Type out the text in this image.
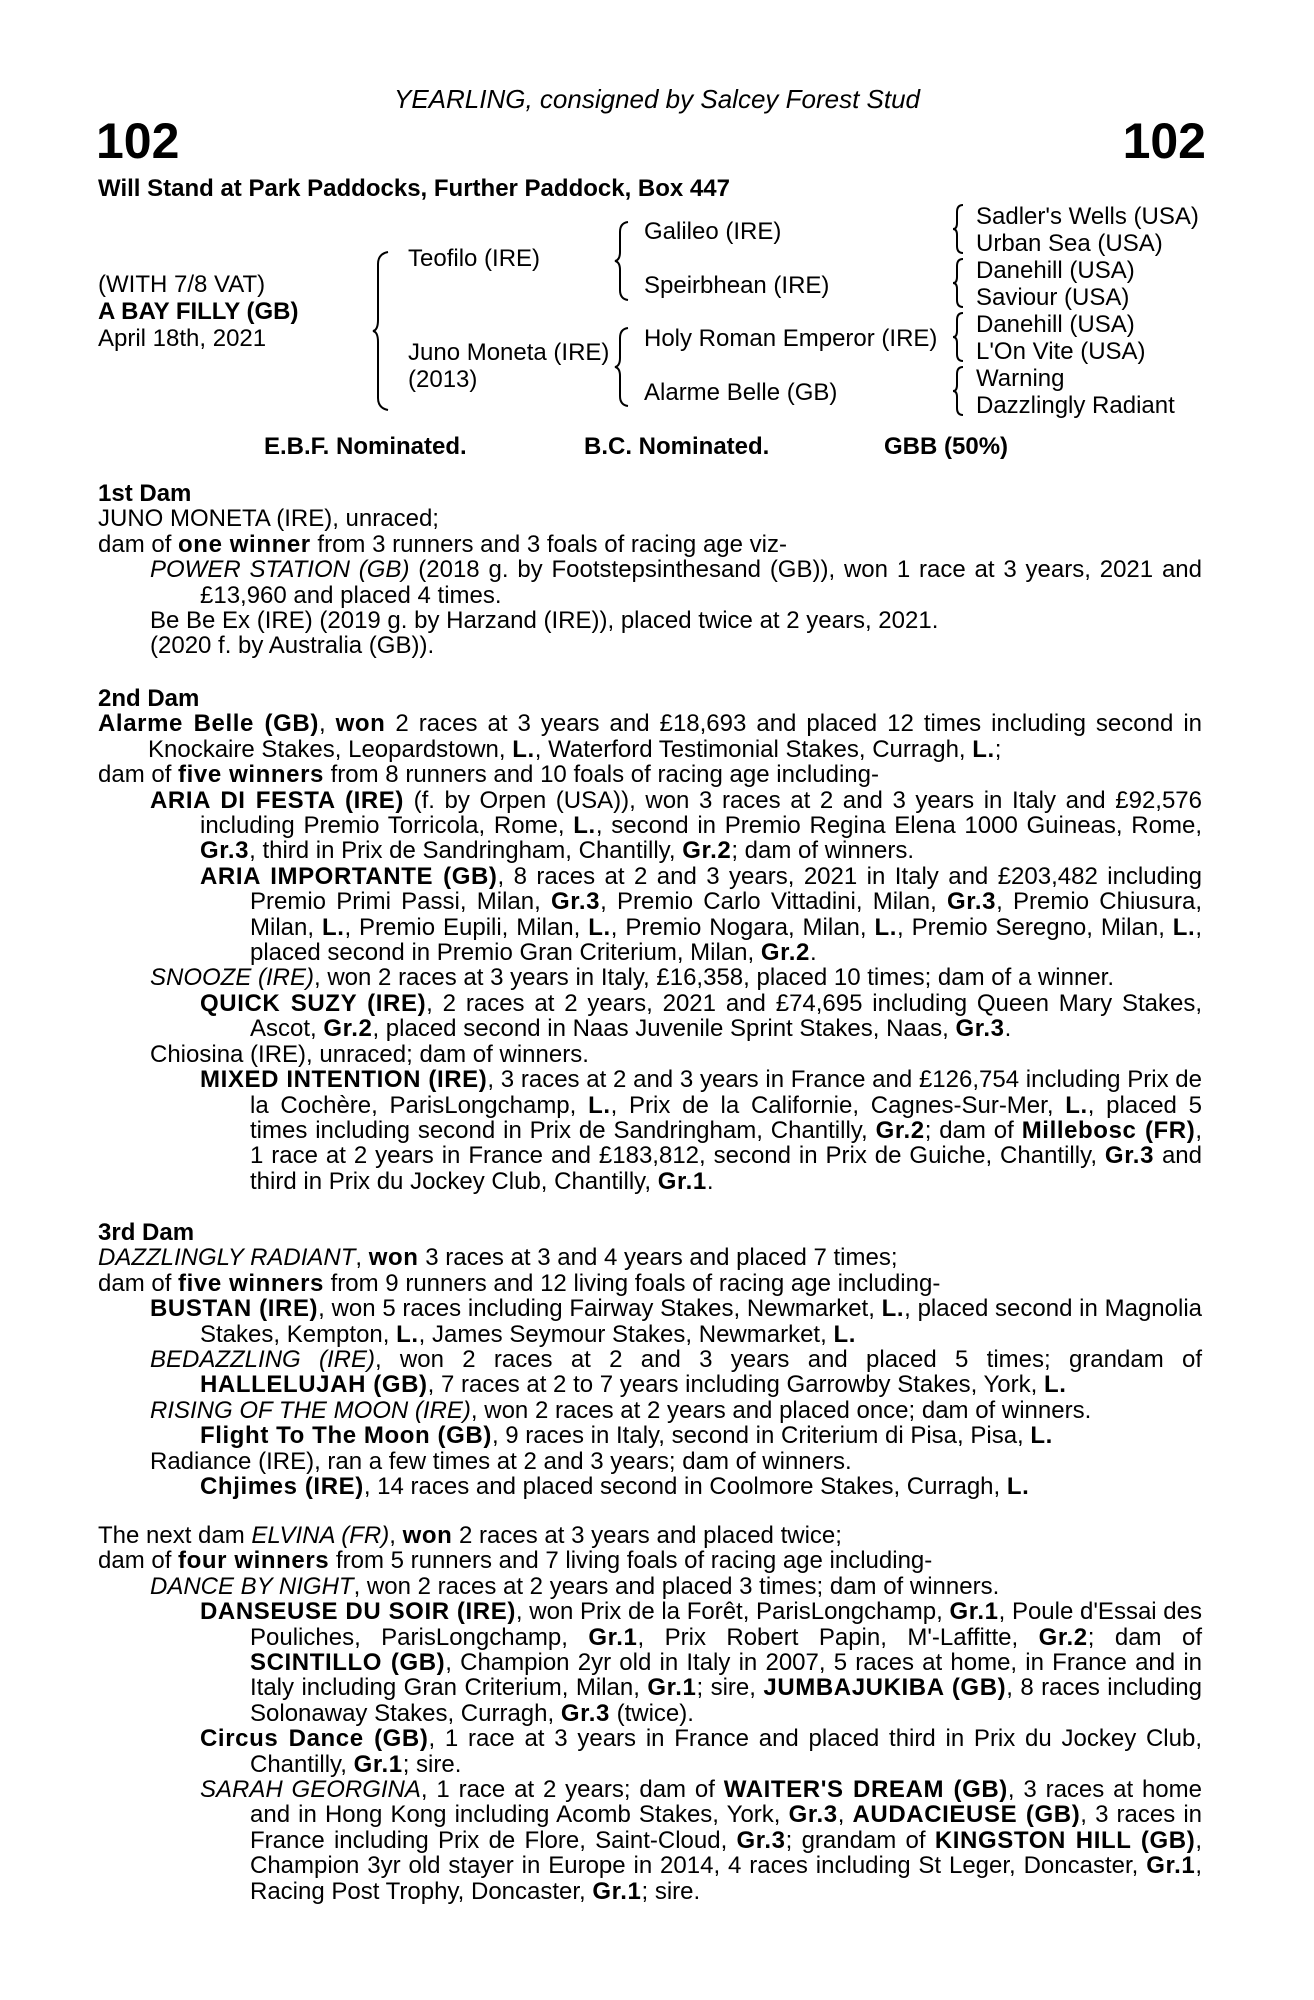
YEARLING, consigned by Salcey Forest Stud
102	102
Will Stand at Park Paddocks, Further Paddock, Box 447
(WITH 7/8 VAT)
A BAY FILLY (GB)
April 18th, 2021
Teofilo (IRE)
Juno Moneta (IRE)
(2013)
Galileo (IRE)
Speirbhean (IRE)
Holy Roman Emperor (IRE)
Alarme Belle (GB)
Sadler's Wells (USA)
Urban Sea (USA)
Danehill (USA)
Saviour (USA)
Danehill (USA)
L'On Vite (USA)
Warning
Dazzlingly Radiant
E.B.F. Nominated.	B.C. Nominated.	GBB (50%)

1st Dam

JUNO MONETA (IRE), unraced;

dam of one winner from 3 runners and 3 foals of racing age viz-

POWER STATION (GB) (2018 g. by Footstepsinthesand (GB)), won 1 race at 3 years, 2021 and £13,960 and placed 4 times.

Be Be Ex (IRE) (2019 g. by Harzand (IRE)), placed twice at 2 years, 2021.

(2020 f. by Australia (GB)).

2nd Dam

Alarme Belle (GB), won 2 races at 3 years and £18,693 and placed 12 times including second in Knockaire Stakes, Leopardstown, L., Waterford Testimonial Stakes, Curragh, L.;

dam of five winners from 8 runners and 10 foals of racing age including-

ARIA DI FESTA (IRE) (f. by Orpen (USA)), won 3 races at 2 and 3 years in Italy and £92,576 including Premio Torricola, Rome, L., second in Premio Regina Elena 1000 Guineas, Rome, Gr.3, third in Prix de Sandringham, Chantilly, Gr.2; dam of winners.

ARIA IMPORTANTE (GB), 8 races at 2 and 3 years, 2021 in Italy and £203,482 including Premio Primi Passi, Milan, Gr.3, Premio Carlo Vittadini, Milan, Gr.3, Premio Chiusura, Milan, L., Premio Eupili, Milan, L., Premio Nogara, Milan, L., Premio Seregno, Milan, L., placed second in Premio Gran Criterium, Milan, Gr.2.

SNOOZE (IRE), won 2 races at 3 years in Italy, £16,358, placed 10 times; dam of a winner.

QUICK SUZY (IRE), 2 races at 2 years, 2021 and £74,695 including Queen Mary Stakes, Ascot, Gr.2, placed second in Naas Juvenile Sprint Stakes, Naas, Gr.3.

Chiosina (IRE), unraced; dam of winners.

MIXED INTENTION (IRE), 3 races at 2 and 3 years in France and £126,754 including Prix de la Cochère, ParisLongchamp, L., Prix de la Californie, Cagnes-Sur-Mer, L., placed 5 times including second in Prix de Sandringham, Chantilly, Gr.2; dam of Millebosc (FR), 1 race at 2 years in France and £183,812, second in Prix de Guiche, Chantilly, Gr.3 and third in Prix du Jockey Club, Chantilly, Gr.1.

3rd Dam

DAZZLINGLY RADIANT, won 3 races at 3 and 4 years and placed 7 times;

dam of five winners from 9 runners and 12 living foals of racing age including-

BUSTAN (IRE), won 5 races including Fairway Stakes, Newmarket, L., placed second in Magnolia Stakes, Kempton, L., James Seymour Stakes, Newmarket, L.

BEDAZZLING (IRE), won 2 races at 2 and 3 years and placed 5 times; grandam of

HALLELUJAH (GB), 7 races at 2 to 7 years including Garrowby Stakes, York, L.

RISING OF THE MOON (IRE), won 2 races at 2 years and placed once; dam of winners.

Flight To The Moon (GB), 9 races in Italy, second in Criterium di Pisa, Pisa, L.

Radiance (IRE), ran a few times at 2 and 3 years; dam of winners.

Chjimes (IRE), 14 races and placed second in Coolmore Stakes, Curragh, L.

The next dam ELVINA (FR), won 2 races at 3 years and placed twice;

dam of four winners from 5 runners and 7 living foals of racing age including-

DANCE BY NIGHT, won 2 races at 2 years and placed 3 times; dam of winners.

DANSEUSE DU SOIR (IRE), won Prix de la Forêt, ParisLongchamp, Gr.1, Poule d'Essai des Pouliches, ParisLongchamp, Gr.1, Prix Robert Papin, M'-Laffitte, Gr.2; dam of SCINTILLO (GB), Champion 2yr old in Italy in 2007, 5 races at home, in France and in Italy including Gran Criterium, Milan, Gr.1; sire, JUMBAJUKIBA (GB), 8 races including Solonaway Stakes, Curragh, Gr.3 (twice).

Circus Dance (GB), 1 race at 3 years in France and placed third in Prix du Jockey Club, Chantilly, Gr.1; sire.

SARAH GEORGINA, 1 race at 2 years; dam of WAITER'S DREAM (GB), 3 races at home and in Hong Kong including Acomb Stakes, York, Gr.3, AUDACIEUSE (GB), 3 races in France including Prix de Flore, Saint-Cloud, Gr.3; grandam of KINGSTON HILL (GB), Champion 3yr old stayer in Europe in 2014, 4 races including St Leger, Doncaster, Gr.1, Racing Post Trophy, Doncaster, Gr.1; sire.
